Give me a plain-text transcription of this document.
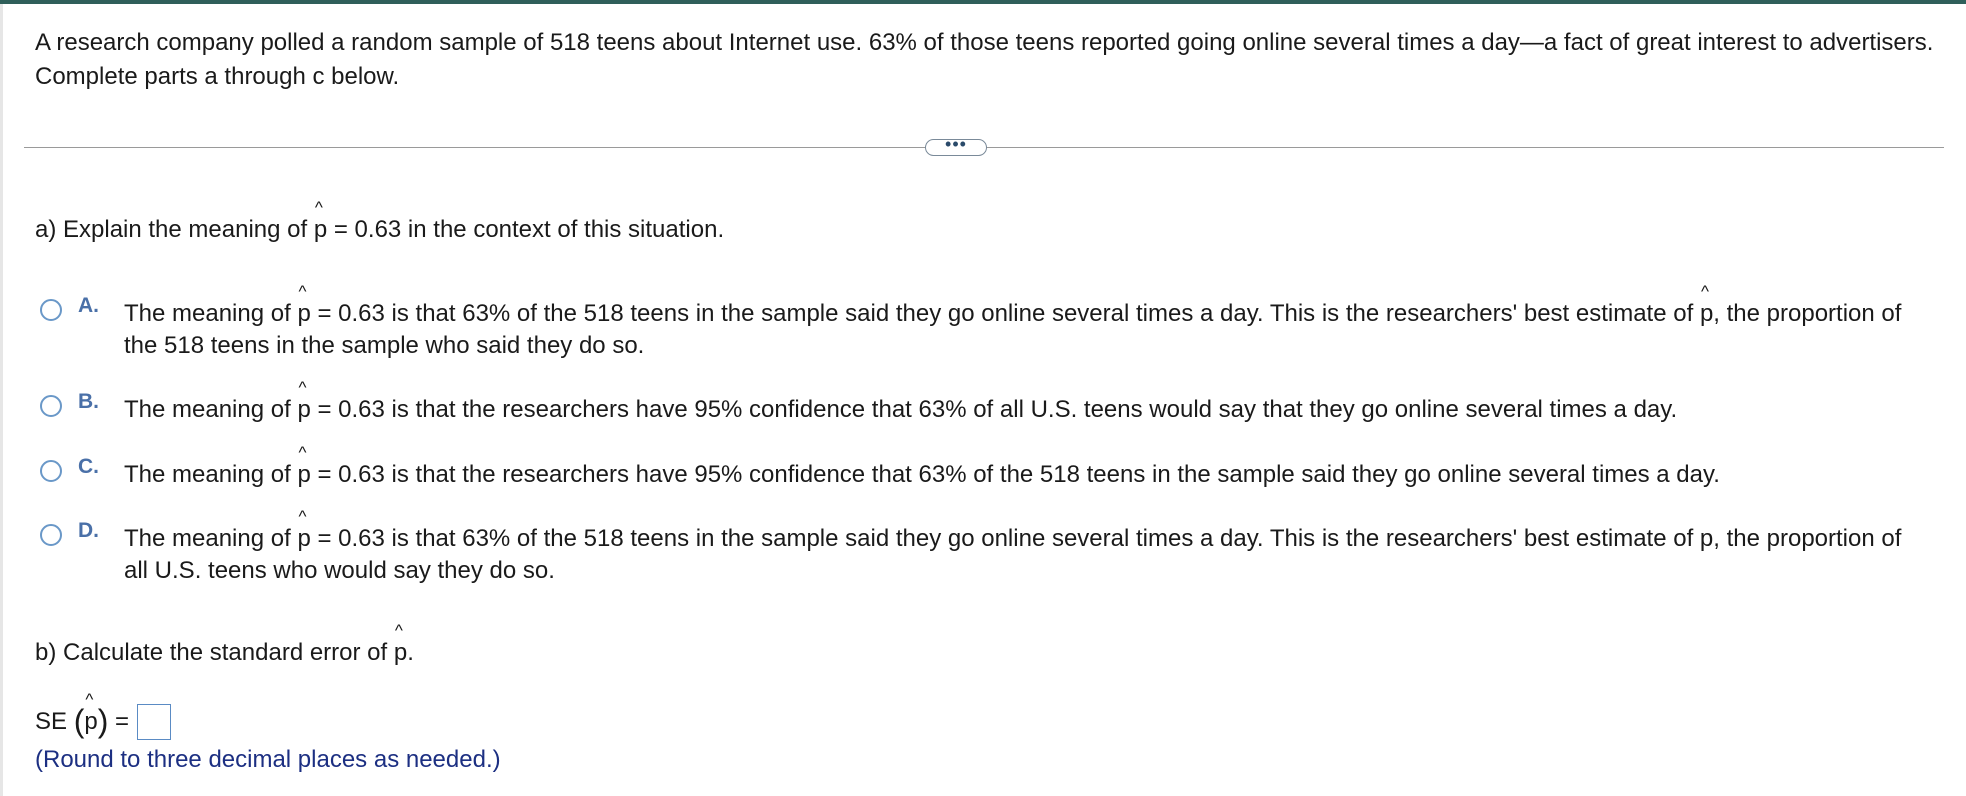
A research company polled a random sample of 518 teens about Internet use. 63% of those teens reported going online several times a day—a fact of great interest to advertisers. Complete parts a through c below.
•••
a) Explain the meaning of ^ p = 0.63 in the context of this situation.
A. The meaning of ^ p = 0.63 is that 63% of the 518 teens in the sample said they go online several times a day. This is the researchers' best estimate of ^ p, the proportion of the 518 teens in the sample who said they do so.
B. The meaning of ^ p = 0.63 is that the researchers have 95% confidence that 63% of all U.S. teens would say that they go online several times a day.
C. The meaning of ^ p = 0.63 is that the researchers have 95% confidence that 63% of the 518 teens in the sample said they go online several times a day.
D. The meaning of ^ p = 0.63 is that 63% of the 518 teens in the sample said they go online several times a day. This is the researchers' best estimate of p, the proportion of all U.S. teens who would say they do so.
b) Calculate the standard error of ^ p.
SE (^ p) =
(Round to three decimal places as needed.)
